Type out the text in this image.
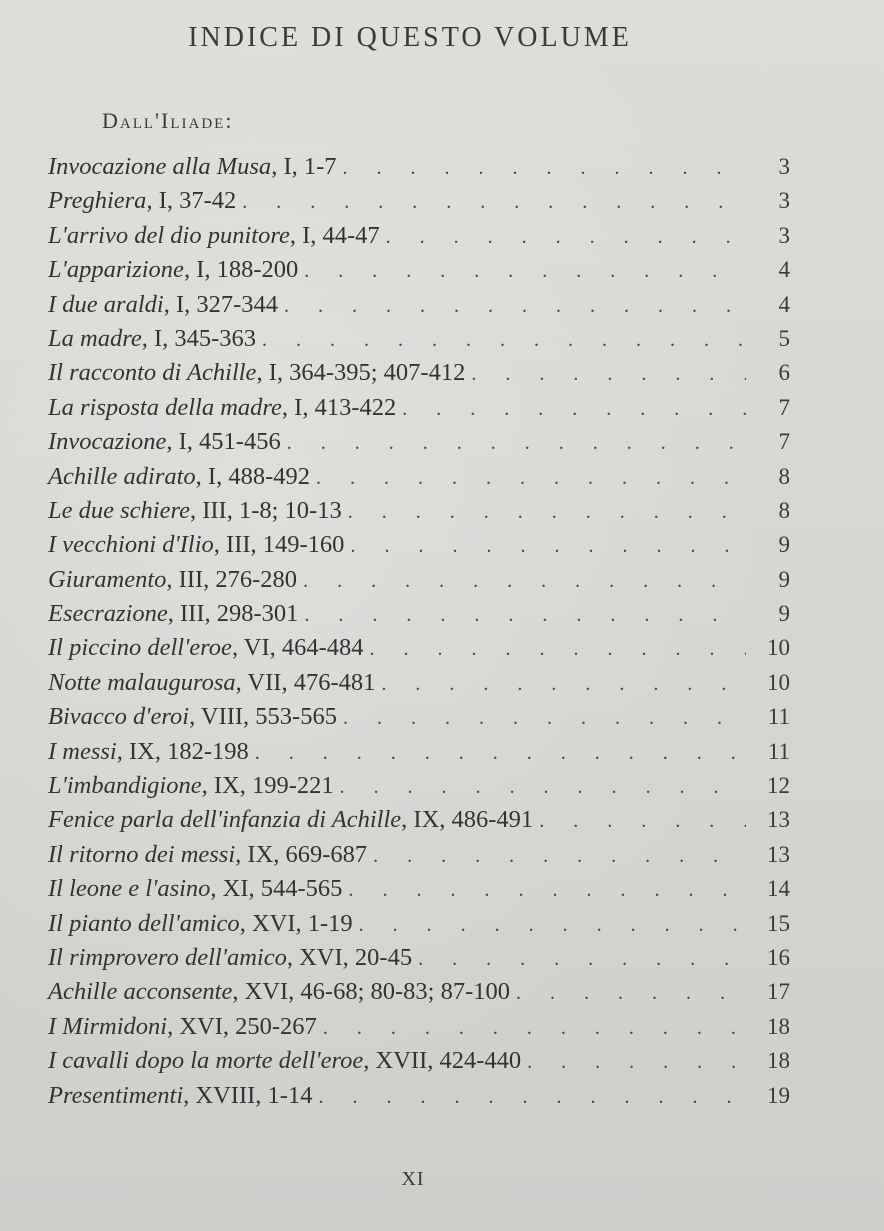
INDICE DI QUESTO VOLUME
Dall'Iliade:
Invocazione alla Musa, I, 1-7 . . .	3
Preghiera, I, 37-42 . . .	3
L'arrivo del dio punitore, I, 44-47 . . .	3
L'apparizione, I, 188-200 . . .	4
I due araldi, I, 327-344 . . .	4
La madre, I, 345-363 . . .	5
Il racconto di Achille, I, 364-395; 407-412 . . .	6
La risposta della madre, I, 413-422 . . .	7
Invocazione, I, 451-456 . . .	7
Achille adirato, I, 488-492 . . .	8
Le due schiere, III, 1-8; 10-13 . . .	8
I vecchioni d'Ilio, III, 149-160 . . .	9
Giuramento, III, 276-280 . . .	9
Esecrazione, III, 298-301 . . .	9
Il piccino dell'eroe, VI, 464-484 . . .	10
Notte malaugurosa, VII, 476-481 . . .	10
Bivacco d'eroi, VIII, 553-565 . . .	11
I messi, IX, 182-198 . . .	11
L'imbandigione, IX, 199-221 . . .	12
Fenice parla dell'infanzia di Achille, IX, 486-491 . . .	13
Il ritorno dei messi, IX, 669-687 . . .	13
Il leone e l'asino, XI, 544-565 . . .	14
Il pianto dell'amico, XVI, 1-19 . . .	15
Il rimprovero dell'amico, XVI, 20-45 . . .	16
Achille acconsente, XVI, 46-68; 80-83; 87-100 . . .	17
I Mirmidoni, XVI, 250-267 . . .	18
I cavalli dopo la morte dell'eroe, XVII, 424-440 . . .	18
Presentimenti, XVIII, 1-14 . . .	19
XI
